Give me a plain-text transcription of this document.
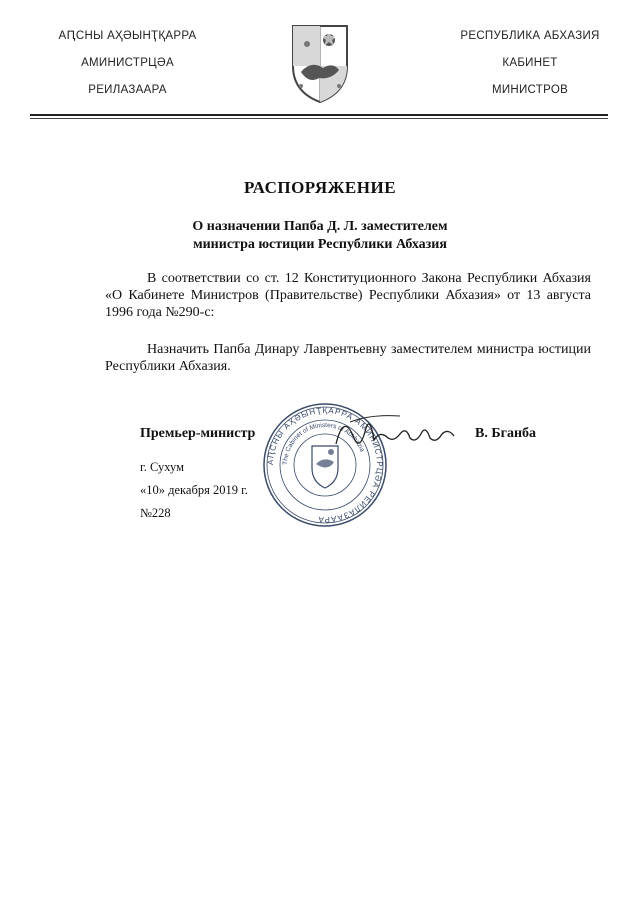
АԤСНЫ АҲӘЫНҬҚАРРА
АМИНИСТРЦӘА
РЕИЛАЗААРА
РЕСПУБЛИКА АБХАЗИЯ
КАБИНЕТ
МИНИСТРОВ
РАСПОРЯЖЕНИЕ
О назначении Папба Д. Л. заместителем
министра юстиции Республики Абхазия
В соответствии со ст. 12 Конституционного Закона Республики Абхазия «О Кабинете Министров (Правительстве) Республики Абхазия» от 13 августа 1996 года №290-с:
Назначить Папба Динару Лаврентьевну заместителем министра юстиции Республики Абхазия.
АԤСНЫ АҲӘЫНҬҚАРРА АМИНИСТРЦӘА РЕИЛАЗААРА
The Cabinet of Ministers of Abkhazia
Премьер-министр	В. Бганба
г. Сухум
«10» декабря 2019 г.
№228
